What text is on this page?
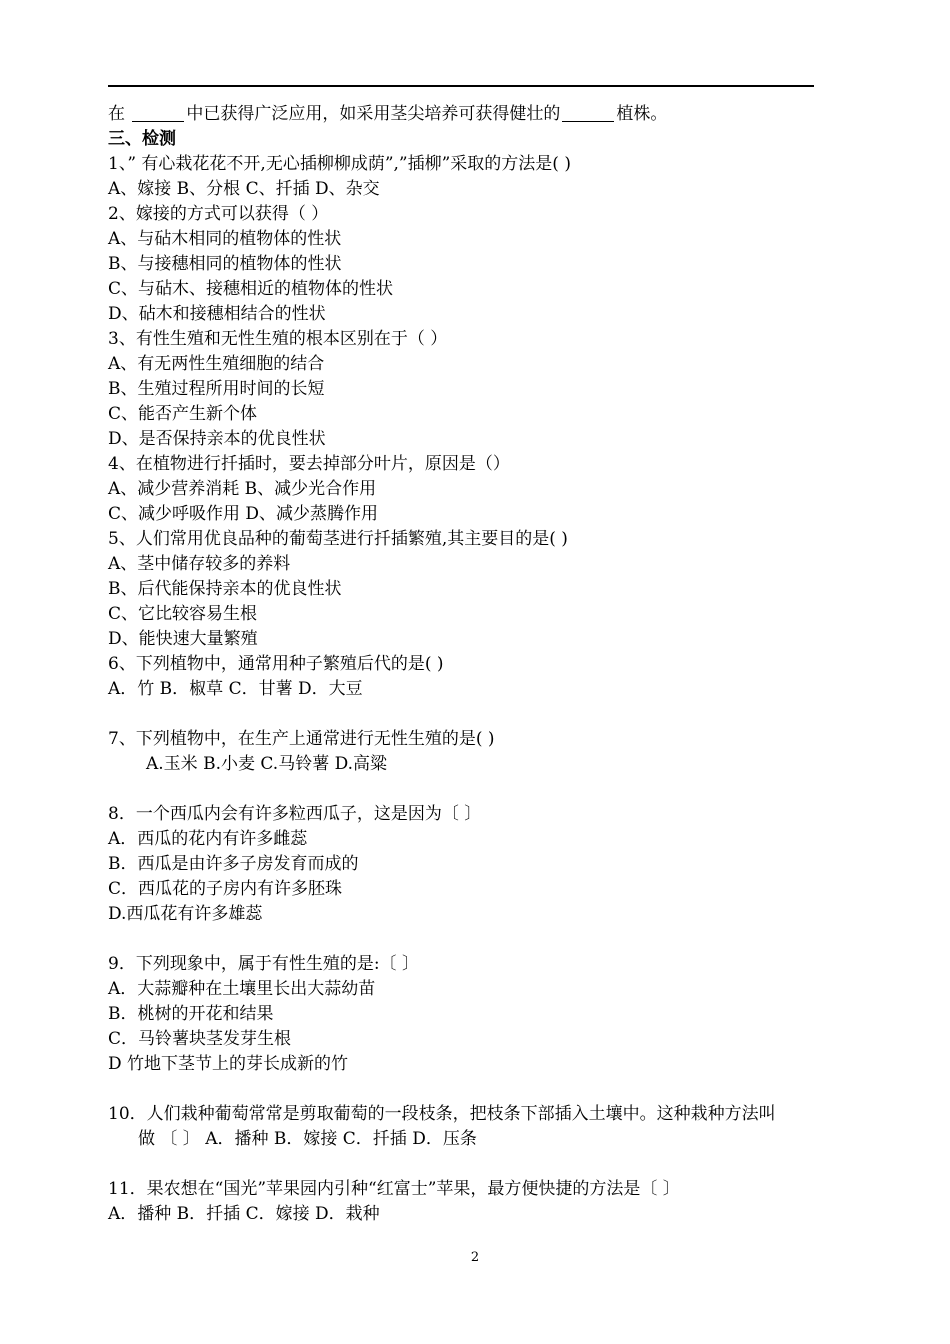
在	中已获得广泛应用，如采用茎尖培养可获得健壮的	植株。
三、检测
1、” 有心栽花花不开,无心插柳柳成荫”,”插柳”采取的方法是( )
A、嫁接 B、分根 C、扦插 D、杂交
2、嫁接的方式可以获得（ ）
A、与砧木相同的植物体的性状
B、与接穗相同的植物体的性状
C、与砧木、接穗相近的植物体的性状
D、砧木和接穗相结合的性状
3、有性生殖和无性生殖的根本区别在于（ ）
A、有无两性生殖细胞的结合
B、生殖过程所用时间的长短
C、能否产生新个体
D、是否保持亲本的优良性状
4、在植物进行扦插时，要去掉部分叶片，原因是（）
A、减少营养消耗 B、减少光合作用
C、减少呼吸作用 D、减少蒸腾作用
5、人们常用优良品种的葡萄茎进行扦插繁殖,其主要目的是( )
A、茎中储存较多的养料
B、后代能保持亲本的优良性状
C、它比较容易生根
D、能快速大量繁殖
6、下列植物中，通常用种子繁殖后代的是( )
A．竹 B．椒草 C．甘薯 D．大豆
7、下列植物中，在生产上通常进行无性生殖的是( )
A.玉米 B.小麦 C.马铃薯 D.高粱
8．一个西瓜内会有许多粒西瓜子，这是因为〔 〕
A．西瓜的花内有许多雌蕊
B．西瓜是由许多子房发育而成的
C．西瓜花的子房内有许多胚珠
D.西瓜花有许多雄蕊
9．下列现象中，属于有性生殖的是:〔 〕
A．大蒜瓣种在土壤里长出大蒜幼苗
B．桃树的开花和结果
C．马铃薯块茎发芽生根
D 竹地下茎节上的芽长成新的竹
10．人们栽种葡萄常常是剪取葡萄的一段枝条，把枝条下部插入土壤中。这种栽种方法叫
做 〔 〕 A．播种 B．嫁接 C．扦插 D．压条
11．果农想在“国光”苹果园内引种“红富士”苹果，最方便快捷的方法是〔 〕
A．播种 B．扦插 C．嫁接 D．栽种
2
